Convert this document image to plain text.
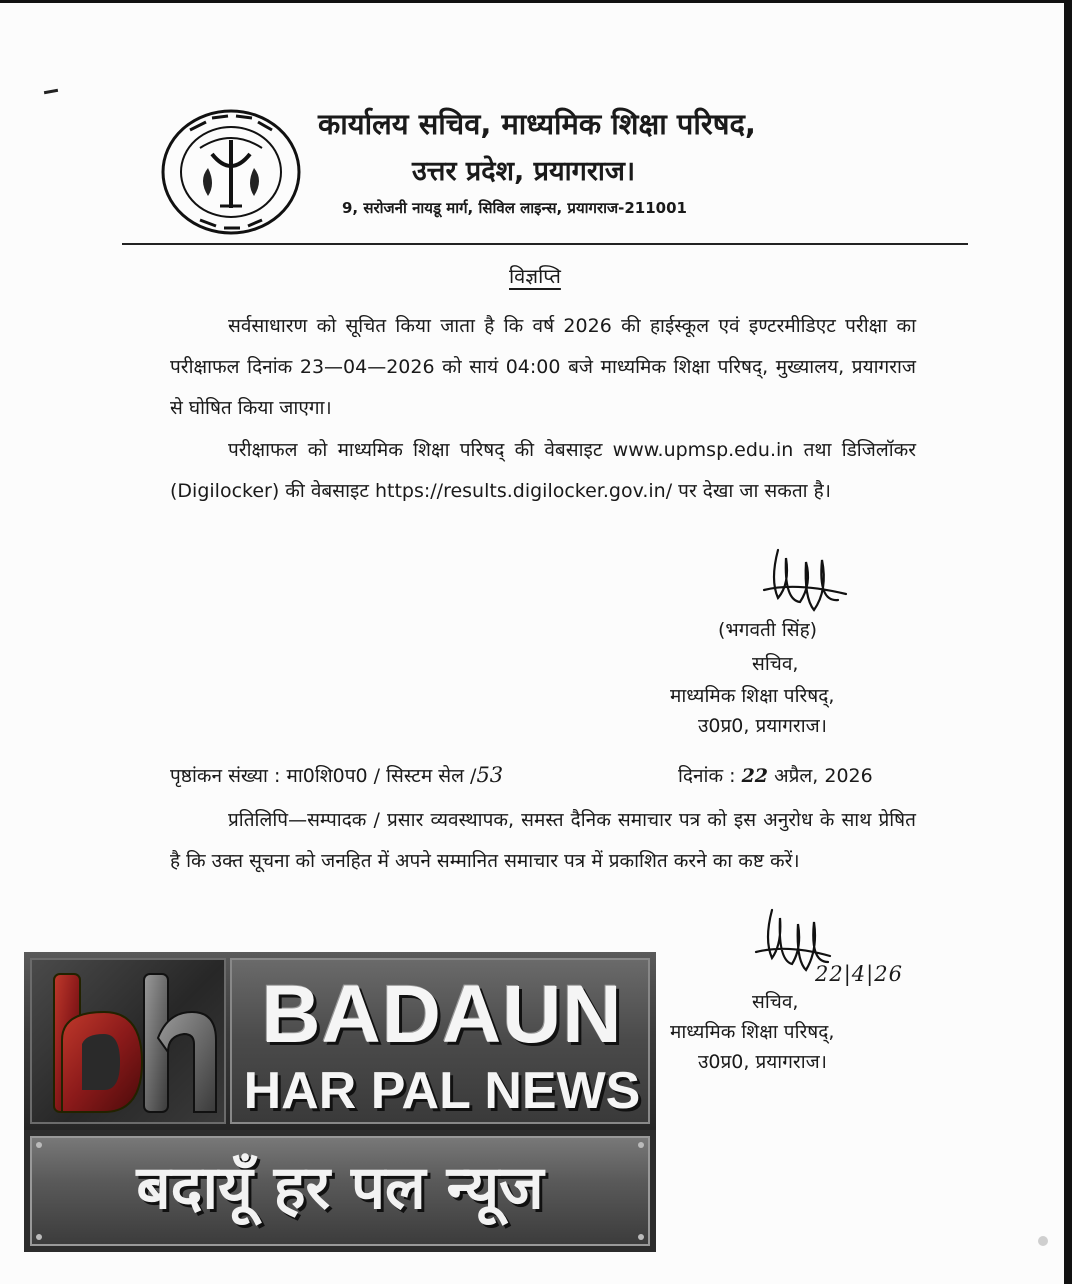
कार्यालय सचिव, माध्यमिक शिक्षा परिषद,
उत्तर प्रदेश, प्रयागराज।
9, सरोजनी नायडू मार्ग, सिविल लाइन्स, प्रयागराज-211001
विज्ञप्ति

सर्वसाधारण को सूचित किया जाता है कि वर्ष 2026 की हाईस्कूल एवं इण्टरमीडिएट परीक्षा का परीक्षाफल दिनांक 23—04—2026 को सायं 04:00 बजे माध्यमिक शिक्षा परिषद्, मुख्यालय, प्रयागराज से घोषित किया जाएगा।

परीक्षाफल को माध्यमिक शिक्षा परिषद् की वेबसाइट www.upmsp.edu.in तथा डिजिलॉकर (Digilocker) की वेबसाइट https://results.digilocker.gov.in/ पर देखा जा सकता है।

(भगवती सिंह)
सचिव,
माध्यमिक शिक्षा परिषद्,
उ0प्र0, प्रयागराज।
पृष्ठांकन संख्या : मा0शि0प0 / सिस्टम सेल /53	दिनांक : 22 अप्रैल, 2026

प्रतिलिपि—सम्पादक / प्रसार व्यवस्थापक, समस्त दैनिक समाचार पत्र को इस अनुरोध के साथ प्रेषित है कि उक्त सूचना को जनहित में अपने सम्मानित समाचार पत्र में प्रकाशित करने का कष्ट करें।

22|4|26
सचिव,
माध्यमिक शिक्षा परिषद्,
उ0प्र0, प्रयागराज।
BADAUN
HAR PAL NEWS
बदायूँ हर पल न्यूज
